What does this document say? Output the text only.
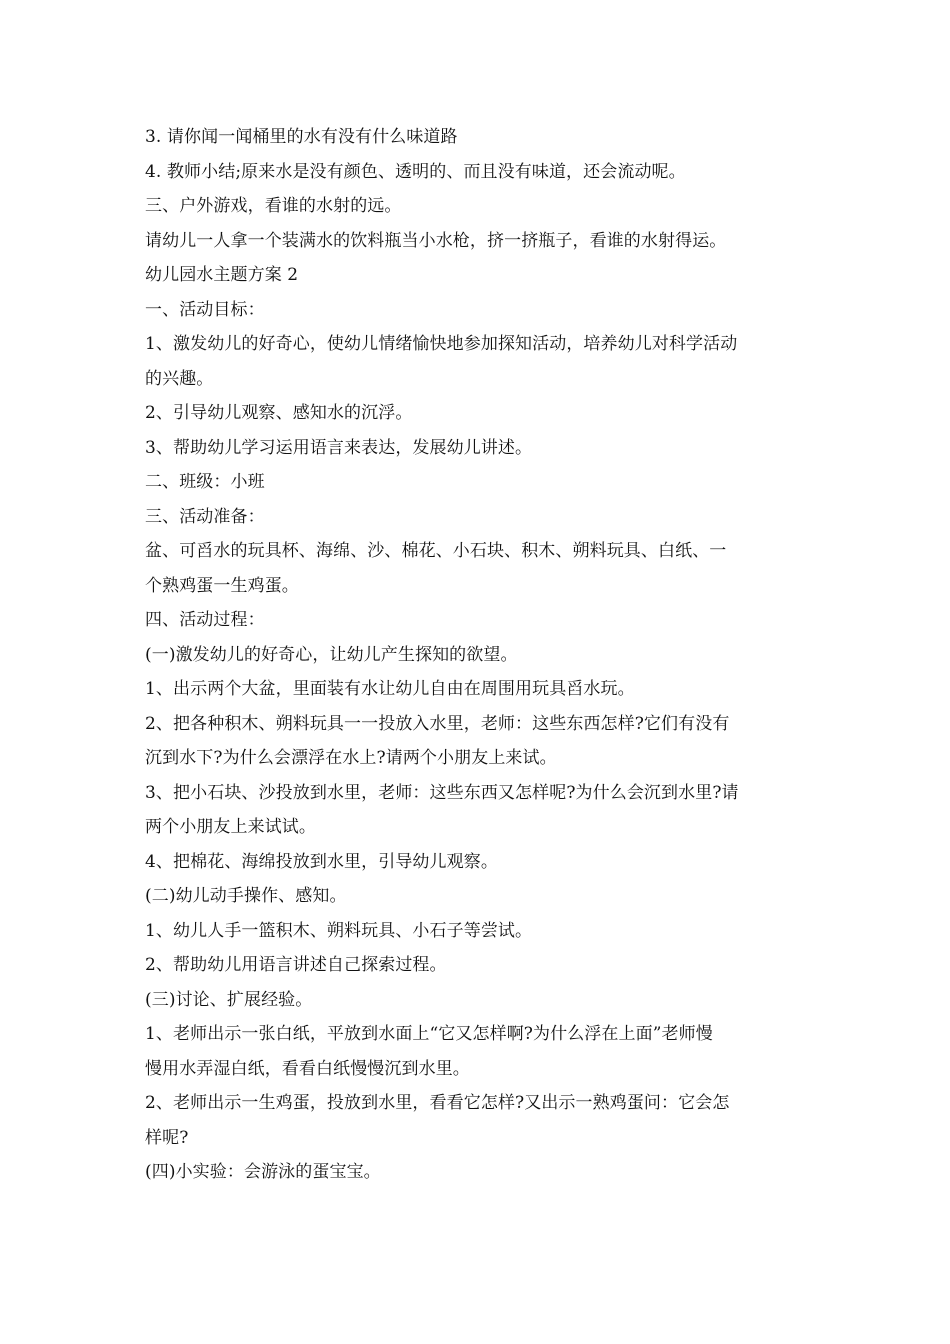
3. 请你闻一闻桶里的水有没有什么味道路
4. 教师小结;原来水是没有颜色、透明的、而且没有味道，还会流动呢。
三、户外游戏，看谁的水射的远。
请幼儿一人拿一个装满水的饮料瓶当小水枪，挤一挤瓶子，看谁的水射得运。
幼儿园水主题方案 2
一、活动目标：
1、激发幼儿的好奇心，使幼儿情绪愉快地参加探知活动，培养幼儿对科学活动
的兴趣。
2、引导幼儿观察、感知水的沉浮。
3、帮助幼儿学习运用语言来表达，发展幼儿讲述。
二、班级：小班
三、活动准备：
盆、可舀水的玩具杯、海绵、沙、棉花、小石块、积木、朔料玩具、白纸、一
个熟鸡蛋一生鸡蛋。
四、活动过程：
(一)激发幼儿的好奇心，让幼儿产生探知的欲望。
1、出示两个大盆，里面装有水让幼儿自由在周围用玩具舀水玩。
2、把各种积木、朔料玩具一一投放入水里，老师：这些东西怎样?它们有没有
沉到水下?为什么会漂浮在水上?请两个小朋友上来试。
3、把小石块、沙投放到水里，老师：这些东西又怎样呢?为什么会沉到水里?请
两个小朋友上来试试。
4、把棉花、海绵投放到水里，引导幼儿观察。
(二)幼儿动手操作、感知。
1、幼儿人手一篮积木、朔料玩具、小石子等尝试。
2、帮助幼儿用语言讲述自己探索过程。
(三)讨论、扩展经验。
1、老师出示一张白纸，平放到水面上“它又怎样啊?为什么浮在上面”老师慢
慢用水弄湿白纸，看看白纸慢慢沉到水里。
2、老师出示一生鸡蛋，投放到水里，看看它怎样?又出示一熟鸡蛋问：它会怎
样呢?
(四)小实验：会游泳的蛋宝宝。
